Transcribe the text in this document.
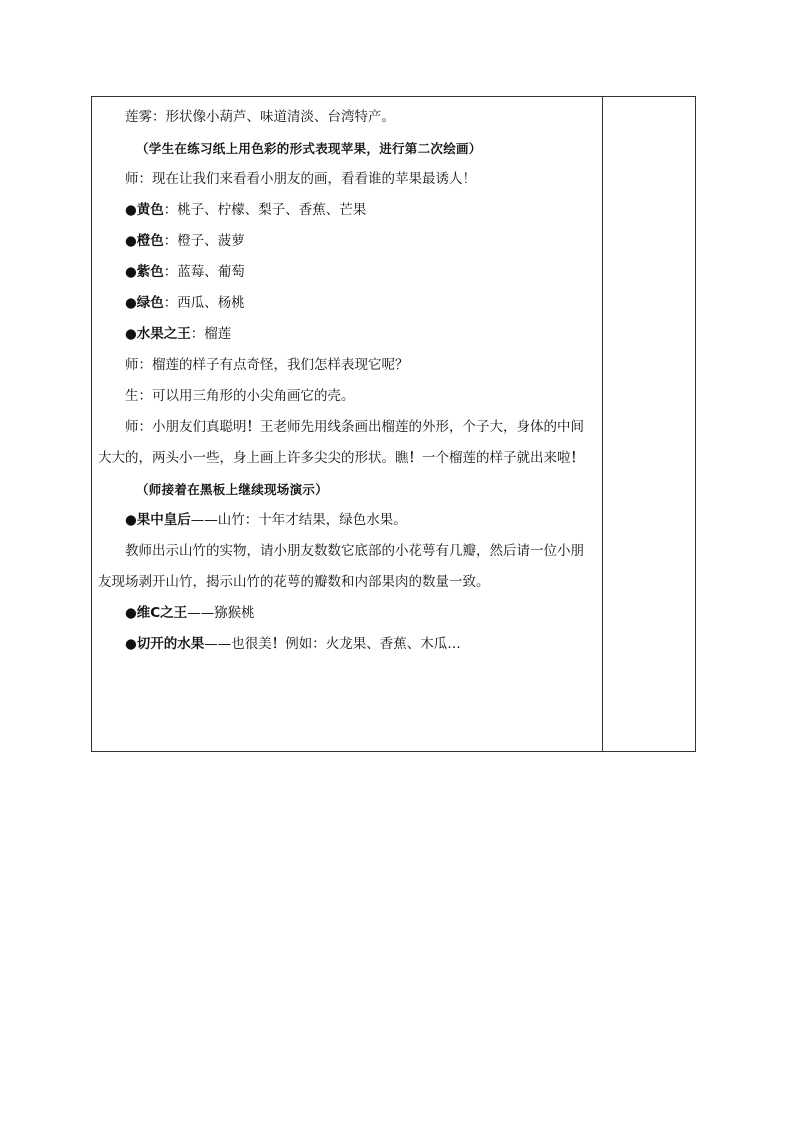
莲雾：形状像小葫芦、味道清淡、台湾特产。
（学生在练习纸上用色彩的形式表现苹果，进行第二次绘画）
师：现在让我们来看看小朋友的画，看看谁的苹果最诱人！
●黄色：桃子、柠檬、梨子、香蕉、芒果
●橙色：橙子、菠萝
●紫色：蓝莓、葡萄
●绿色：西瓜、杨桃
●水果之王：榴莲
师：榴莲的样子有点奇怪，我们怎样表现它呢？
生：可以用三角形的小尖角画它的壳。
师：小朋友们真聪明！王老师先用线条画出榴莲的外形，个子大，身体的中间大大的，两头小一些，身上画上许多尖尖的形状。瞧！一个榴莲的样子就出来啦！
（师接着在黑板上继续现场演示）
●果中皇后——山竹：十年才结果，绿色水果。
教师出示山竹的实物，请小朋友数数它底部的小花萼有几瓣，然后请一位小朋友现场剥开山竹，揭示山竹的花萼的瓣数和内部果肉的数量一致。
●维C之王——猕猴桃
●切开的水果——也很美！例如：火龙果、香蕉、木瓜…
